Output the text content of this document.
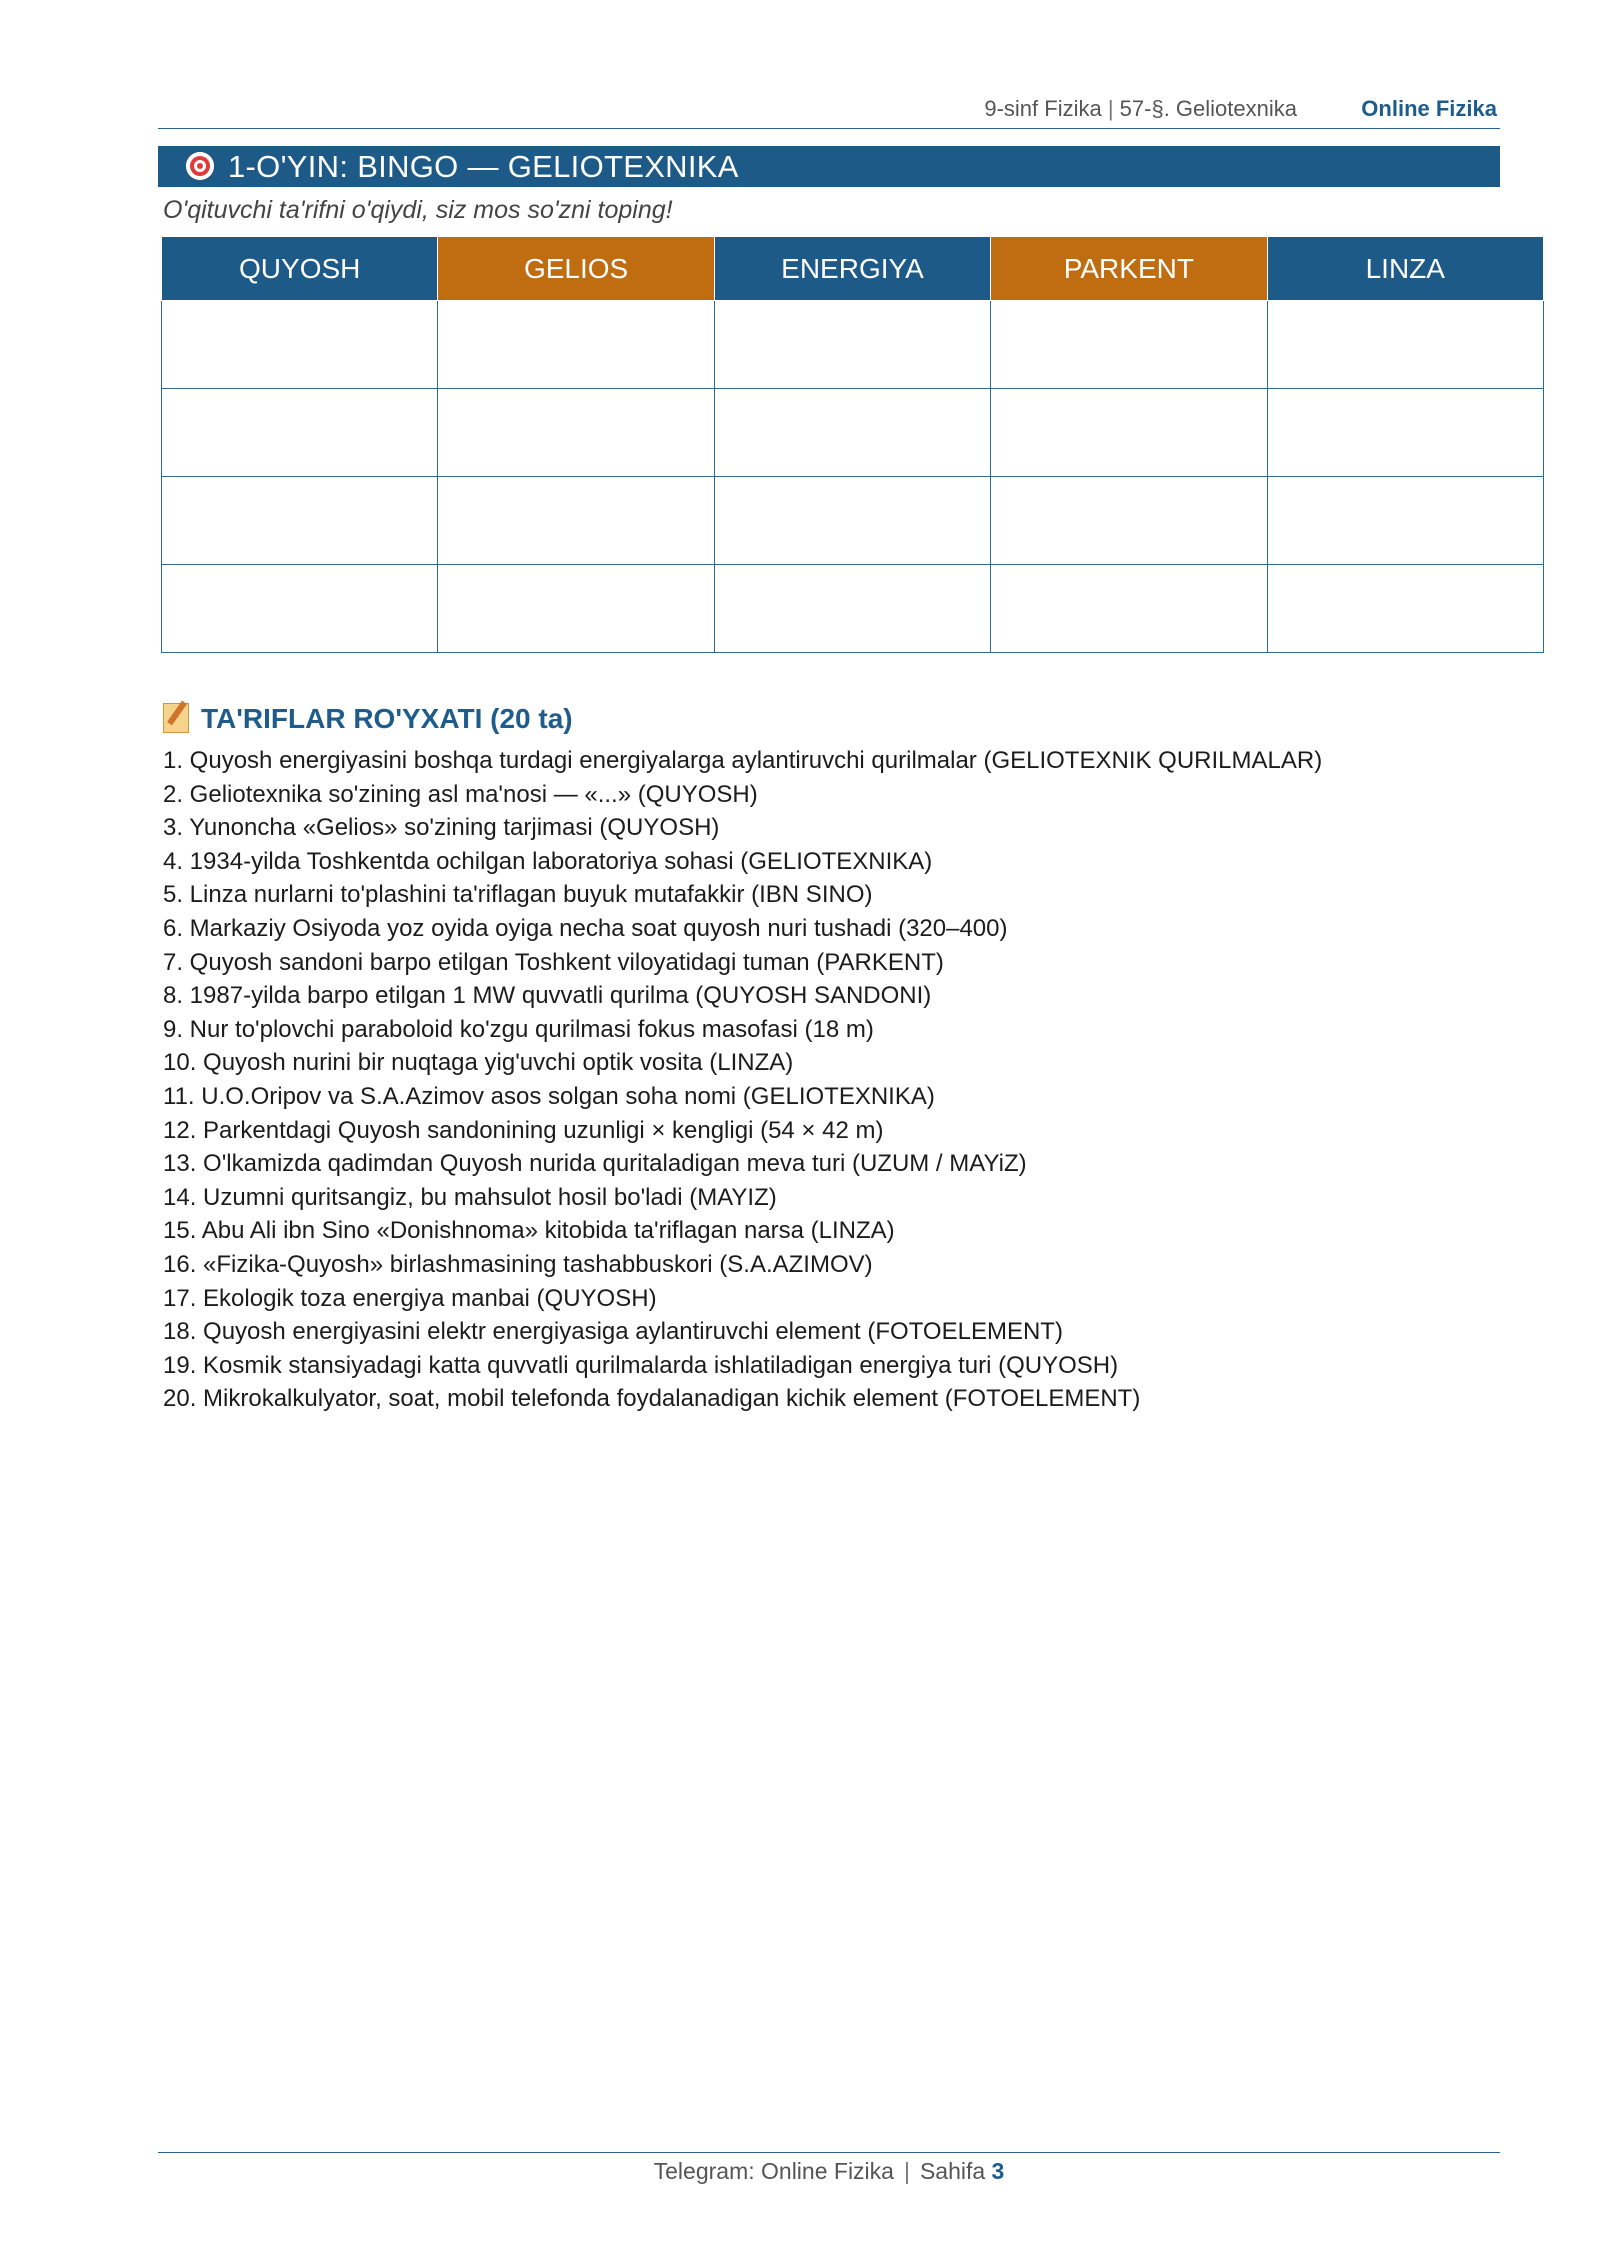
9-sinf Fizika | 57-§. Geliotexnika	Online Fizika
1-O'YIN: BINGO — GELIOTEXNIKA
O'qituvchi ta'rifni o'qiydi, siz mos so'zni toping!
QUYOSH	GELIOS	ENERGIYA	PARKENT	LINZA

TA'RIFLAR RO'YXATI (20 ta)
1. Quyosh energiyasini boshqa turdagi energiyalarga aylantiruvchi qurilmalar (GELIOTEXNIK QURILMALAR)
2. Geliotexnika so'zining asl ma'nosi — «...» (QUYOSH)
3. Yunoncha «Gelios» so'zining tarjimasi (QUYOSH)
4. 1934-yilda Toshkentda ochilgan laboratoriya sohasi (GELIOTEXNIKA)
5. Linza nurlarni to'plashini ta'riflagan buyuk mutafakkir (IBN SINO)
6. Markaziy Osiyoda yoz oyida oyiga necha soat quyosh nuri tushadi (320–400)
7. Quyosh sandoni barpo etilgan Toshkent viloyatidagi tuman (PARKENT)
8. 1987-yilda barpo etilgan 1 MW quvvatli qurilma (QUYOSH SANDONI)
9. Nur to'plovchi paraboloid ko'zgu qurilmasi fokus masofasi (18 m)
10. Quyosh nurini bir nuqtaga yig'uvchi optik vosita (LINZA)
11. U.O.Oripov va S.A.Azimov asos solgan soha nomi (GELIOTEXNIKA)
12. Parkentdagi Quyosh sandonining uzunligi × kengligi (54 × 42 m)
13. O'lkamizda qadimdan Quyosh nurida quritaladigan meva turi (UZUM / MAYiZ)
14. Uzumni quritsangiz, bu mahsulot hosil bo'ladi (MAYIZ)
15. Abu Ali ibn Sino «Donishnoma» kitobida ta'riflagan narsa (LINZA)
16. «Fizika-Quyosh» birlashmasining tashabbuskori (S.A.AZIMOV)
17. Ekologik toza energiya manbai (QUYOSH)
18. Quyosh energiyasini elektr energiyasiga aylantiruvchi element (FOTOELEMENT)
19. Kosmik stansiyadagi katta quvvatli qurilmalarda ishlatiladigan energiya turi (QUYOSH)
20. Mikrokalkulyator, soat, mobil telefonda foydalanadigan kichik element (FOTOELEMENT)
Telegram: Online Fizika | Sahifa 3
